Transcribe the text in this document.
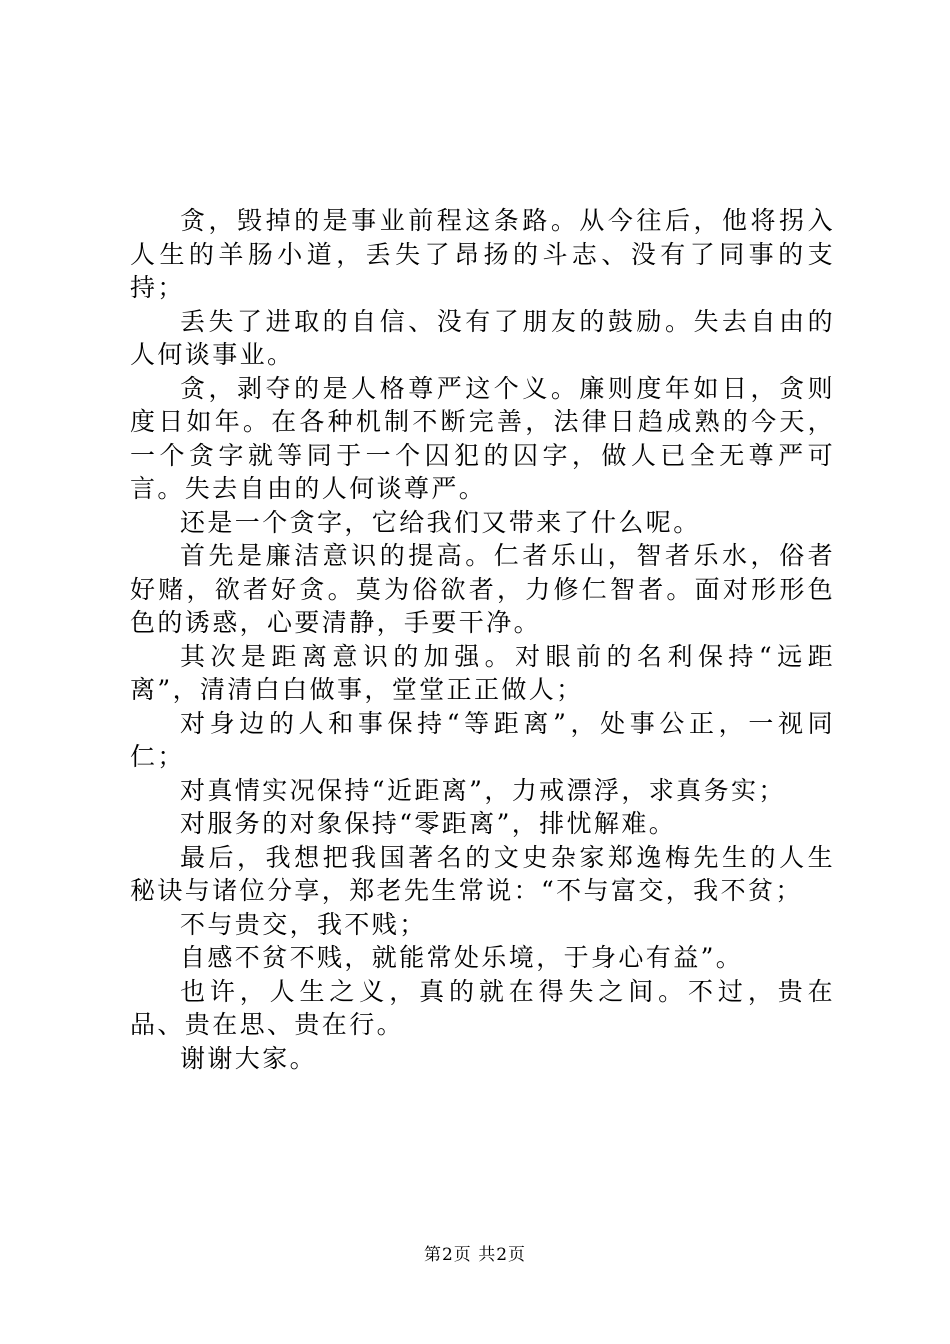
贪，毁掉的是事业前程这条路。从今往后，他将拐入人生的羊肠小道，丢失了昂扬的斗志、没有了同事的支持；

丢失了进取的自信、没有了朋友的鼓励。失去自由的人何谈事业。

贪，剥夺的是人格尊严这个义。廉则度年如日，贪则度日如年。在各种机制不断完善，法律日趋成熟的今天，一个贪字就等同于一个囚犯的囚字，做人已全无尊严可言。失去自由的人何谈尊严。

还是一个贪字，它给我们又带来了什么呢。

首先是廉洁意识的提高。仁者乐山，智者乐水，俗者好赌，欲者好贪。莫为俗欲者，力修仁智者。面对形形色色的诱惑，心要清静，手要干净。

其次是距离意识的加强。对眼前的名利保持“远距离”，清清白白做事，堂堂正正做人；

对身边的人和事保持“等距离”，处事公正，一视同仁；

对真情实况保持“近距离”，力戒漂浮，求真务实；

对服务的对象保持“零距离”，排忧解难。

最后，我想把我国著名的文史杂家郑逸梅先生的人生秘诀与诸位分享，郑老先生常说：“不与富交，我不贫；

不与贵交，我不贱；

自感不贫不贱，就能常处乐境，于身心有益”。

也许，人生之义，真的就在得失之间。不过，贵在品、贵在思、贵在行。

谢谢大家。

第2页 共2页
